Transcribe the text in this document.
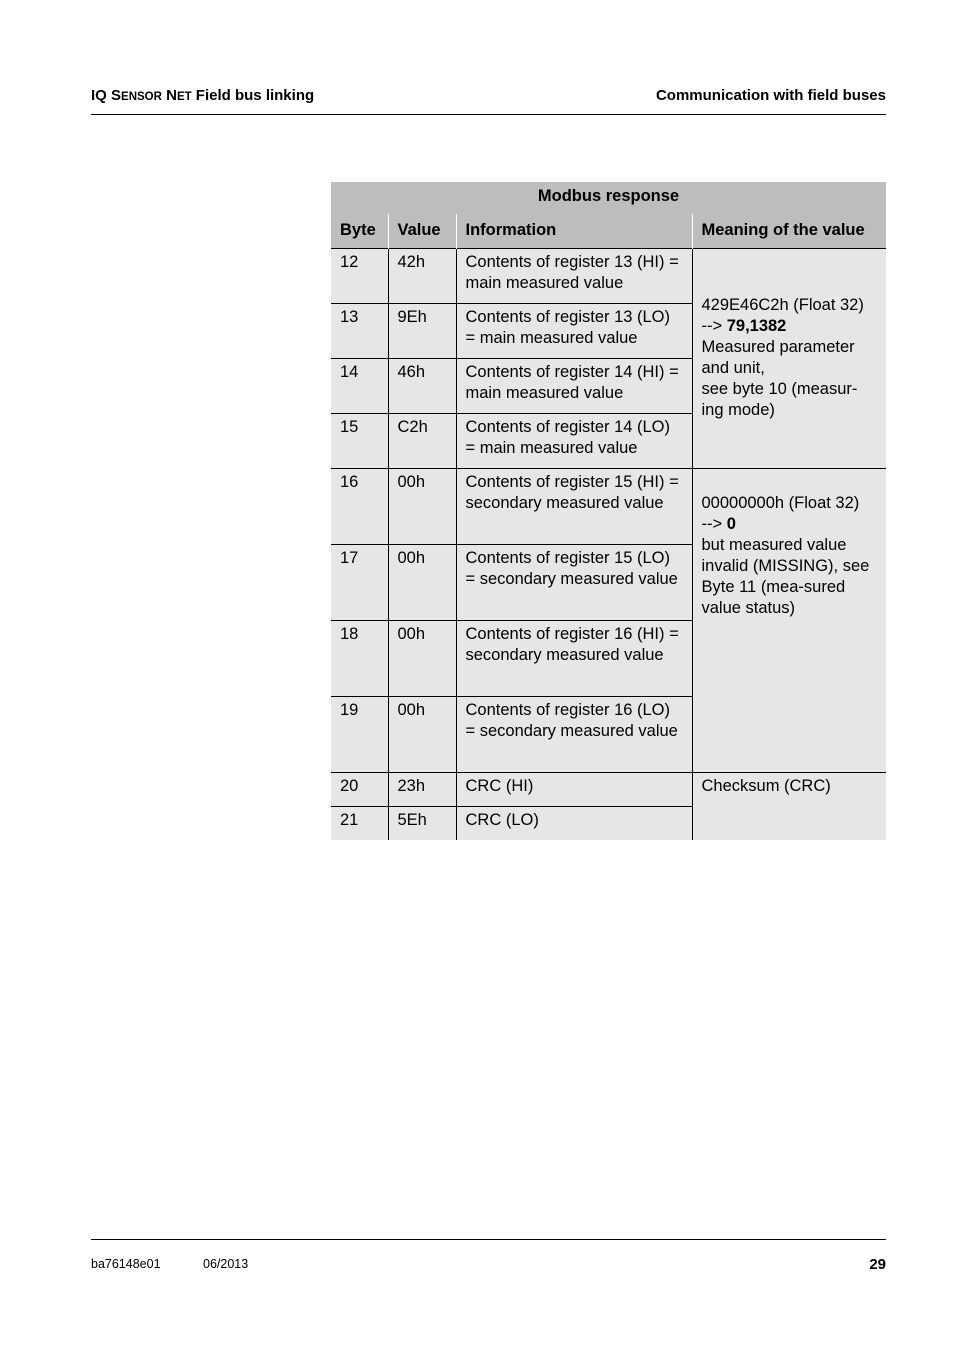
IQ SENSOR NET Field bus linking	Communication with field buses
Modbus response			
Byte	Value	Information	Meaning of the value
12	42h	Contents of register 13 (HI) = main measured value	429E46C2h (Float 32)
--> 79,1382
Measured parameter and unit,
see byte 10 (measur-ing mode)
13	9Eh	Contents of register 13 (LO) = main measured value	
14	46h	Contents of register 14 (HI) = main measured value	
15	C2h	Contents of register 14 (LO) = main measured value	
16	00h	Contents of register 15 (HI) = secondary measured value	00000000h (Float 32)
--> 0
but measured value invalid (MISSING), see Byte 11 (mea-sured value status)
17	00h	Contents of register 15 (LO) = secondary measured value	
18	00h	Contents of register 16 (HI) = secondary measured value	
19	00h	Contents of register 16 (LO) = secondary measured value	
20	23h	CRC (HI)	Checksum (CRC)
21	5Eh	CRC (LO)	
ba76148e01	06/2013	29
